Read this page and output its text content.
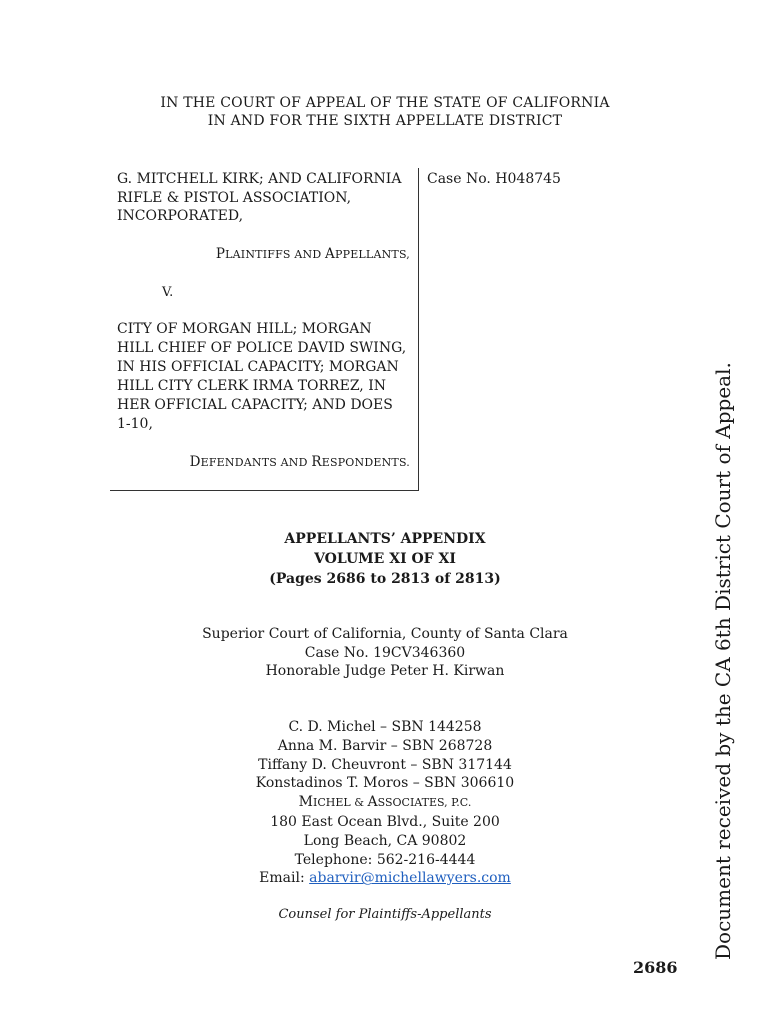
IN THE COURT OF APPEAL OF THE STATE OF CALIFORNIA
IN AND FOR THE SIXTH APPELLATE DISTRICT
G. MITCHELL KIRK; AND CALIFORNIA
RIFLE & PISTOL ASSOCIATION,
INCORPORATED,
PLAINTIFFS AND APPELLANTS,
V.
CITY OF MORGAN HILL; MORGAN
HILL CHIEF OF POLICE DAVID SWING,
IN HIS OFFICIAL CAPACITY; MORGAN
HILL CITY CLERK IRMA TORREZ, IN
HER OFFICIAL CAPACITY; AND DOES
1-10,
DEFENDANTS AND RESPONDENTS.
Case No. H048745
APPELLANTS’ APPENDIX
VOLUME XI OF XI
(Pages 2686 to 2813 of 2813)
Superior Court of California, County of Santa Clara
Case No. 19CV346360
Honorable Judge Peter H. Kirwan
C. D. Michel – SBN 144258
Anna M. Barvir – SBN 268728
Tiffany D. Cheuvront – SBN 317144
Konstadinos T. Moros – SBN 306610
MICHEL & ASSOCIATES, P.C.
180 East Ocean Blvd., Suite 200
Long Beach, CA 90802
Telephone: 562-216-4444
Email: abarvir@michellawyers.com
Counsel for Plaintiffs-Appellants
2686
Document received by the CA 6th District Court of Appeal.
